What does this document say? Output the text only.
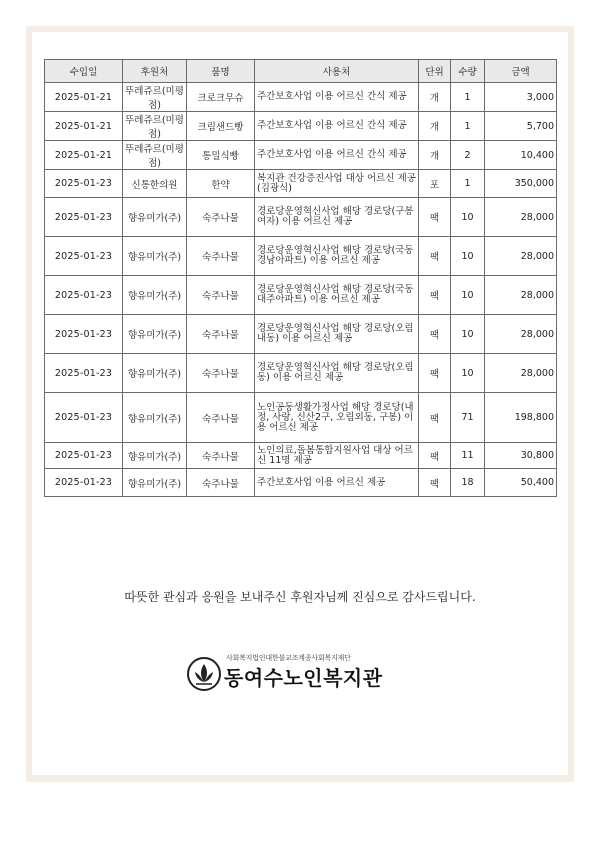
수입일	후원처	품명	사용처	단위	수량	금액
2025-01-21	뚜레쥬르(미평점)	크로크무슈	주간보호사업 이용 어르신 간식 제공	개	1	3,000
2025-01-21	뚜레쥬르(미평점)	크림샌드빵	주간보호사업 이용 어르신 간식 제공	개	1	5,700
2025-01-21	뚜레쥬르(미평점)	통밀식빵	주간보호사업 이용 어르신 간식 제공	개	2	10,400
2025-01-23	신통한의원	한약	복지관 건강증진사업 대상 어르신 제공(김광식)	포	1	350,000
2025-01-23	향유미가(주)	숙주나물	경로당운영혁신사업 해당 경로당(구봉여자) 이용 어르신 제공	팩	10	28,000
2025-01-23	향유미가(주)	숙주나물	경로당운영혁신사업 해당 경로당(국동경남아파트) 이용 어르신 제공	팩	10	28,000
2025-01-23	향유미가(주)	숙주나물	경로당운영혁신사업 해당 경로당(국동대주아파트) 이용 어르신 제공	팩	10	28,000
2025-01-23	향유미가(주)	숙주나물	경로당운영혁신사업 해당 경로당(오림내동) 이용 어르신 제공	팩	10	28,000
2025-01-23	향유미가(주)	숙주나물	경로당운영혁신사업 해당 경로당(오림동) 이용 어르신 제공	팩	10	28,000
2025-01-23	향유미가(주)	숙주나물	노인공동생활가정사업 해당 경로당(내정, 사랑, 신산2구, 오림외동, 구봉) 이용 어르신 제공	팩	71	198,800
2025-01-23	향유미가(주)	숙주나물	노인의료,돌봄통합지원사업 대상 어르신 11명 제공	팩	11	30,800
2025-01-23	향유미가(주)	숙주나물	주간보호사업 이용 어르신 제공	팩	18	50,400
따뜻한 관심과 응원을 보내주신 후원자님께 진심으로 감사드립니다.
사회복지법인대한불교조계종사회복지재단
동여수노인복지관
